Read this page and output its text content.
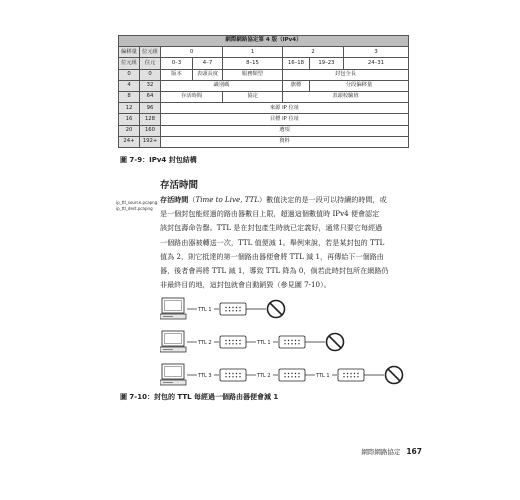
網際網路協定第 4 版（IPv4）							
偏移量	位元組	0		1	2		3
位元組	位元	0–3	4–7	8–15	16–18	19–23	24–31
0	0	版本	表頭長度	服務類型	封包全長		
4	32	識別碼			旗標	分段偏移量	
8	64	存活時間		協定	表頭校驗值		
12	96	來源 IP 位址					
16	128	目標 IP 位址					
20	160	選項					
24+	192+	資料					
圖 7-9：IPv4 封包結構
存活時間
ip_ttl_source.pcapng
ip_ttl_dest.pcapng
存活時間（Time to Live, TTL）數值決定的是一段可以持續的時間，或
是一個封包能經過的路由器數目上限，超過這個數值時 IPv4 便會認定
該封包壽命告罄。TTL 是在封包產生時就已定義好，通常只要它每經過
一個路由器被轉送一次，TTL 值便減 1。舉例來說，若是某封包的 TTL
值為 2，則它抵達的第一個路由器便會將 TTL 減 1，再傳給下一個路由
器，後者會再將 TTL 減 1，導致 TTL 降為 0，倘若此時封包所在網路仍
非最終目的地，這封包就會自動銷毀（參見圖 7-10）。
TTL 1
TTL 2	TTL 1
TTL 3	TTL 2	TTL 1
圖 7-10：封包的 TTL 每經過一個路由器便會減 1
網際網路協定 167
